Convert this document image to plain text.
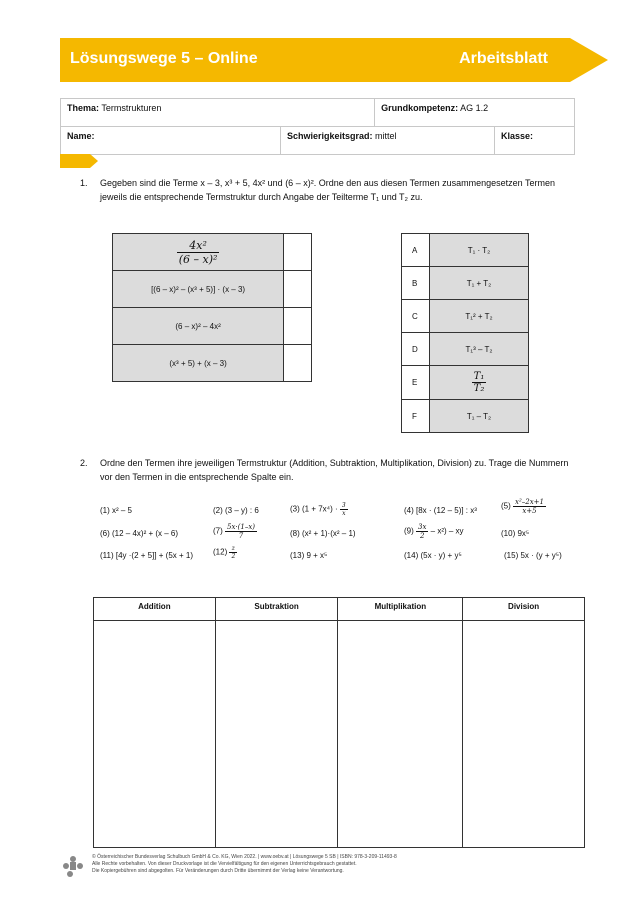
Lösungswege 5 – Online	Arbeitsblatt
Thema: Termstrukturen		Grundkompetenz: AG 1.2	
Name:	Schwierigkeitsgrad: mittel		Klasse:
1. Gegeben sind die Terme x – 3, x³ + 5, 4x² und (6 – x)². Ordne den aus diesen Termen zusammengesetzen Termen jeweils die entsprechende Termstruktur durch Angabe der Teilterme T₁ und T₂ zu.
$\frac{\text{4x²}}{\text{(6 – x)²}}$

[(6 – x)² – (x³ + 5)] · (x – 3)	
(6 – x)² – 4x²	
(x³ + 5) + (x – 3)	
A	T₁ · T₂
B	T₁ + T₂
C	T₁² + T₂
D	T₁³ – T₂
E	$\frac{\text{T₁}}{\text{T₂}}$

F	T₁ – T₂
2. Ordne den Termen ihre jeweiligen Termstruktur (Addition, Subtraktion, Multiplikation, Division) zu. Trage die Nummern vor den Termen in die entsprechende Spalte ein.
(1) x² – 5	(2) (3 – y) : 6	(3) $(1 + 7x^4) \cdot \frac{3}{x}$	(4) [8x · (12 – 5)] : x³	$(5) \frac{\text{x²–2x+1}}{x+5}$
(6) (12 – 4x)² + (x – 6)	$(7) \frac{5x\cdot(1-x)}{7}$	(8) (x² + 1)·(x² – 1)	$(9) \frac{3x}{2} - x^2$) – xy	(10) 9x⁵
(11) [4y ·(2 + 5]] + (5x + 1)	$(12) \frac{z}{2}$	(13) 9 + x⁵	(14) (5x · y) + y⁵	(15) 5x · (y + y⁵)
Addition	Subtraktion	Multiplikation	Division

© Österreichischer Bundesverlag Schulbuch GmbH & Co. KG, Wien 2022. | www.oebv.at | Lösungswege 5 SB | ISBN: 978-3-209-11493-8
Alle Rechte vorbehalten. Von dieser Druckvorlage ist die Vervielfältigung für den eigenen Unterrichtsgebrauch gestattet.
Die Kopiergebühren sind abgegolten. Für Veränderungen durch Dritte übernimmt der Verlag keine Verantwortung.
